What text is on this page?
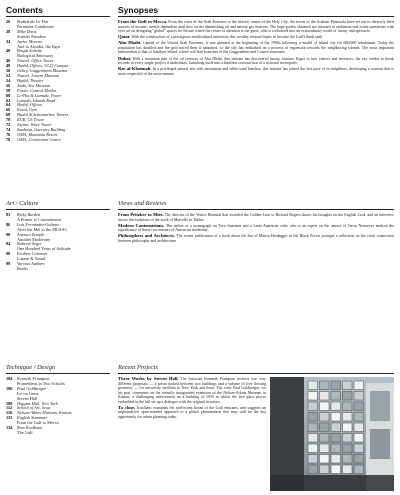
Contents	Synopses
26	Bodied da Lo-Hia
Perimeter Conditions
28	Mike Davis
Sinister Paradise
34	Javier Moreno
And in Arcadia, the Egos
40	Brigitt Schultz
Biological Sanctuary
46	Nouvel, Office Tower
48	Hadid, Offices, UCQ Campus
50	Gehry, Guggenheim Museum
52	Nouvel, Louvre Museum
54	Hadid, Theater
56	Ando, Sea Museum
58	Foster, Central Market
60	Lo-Hia & Lumsda, Tower
62	Lumsda, Islands Road
64	Hadid, Offices
66	Kesul, Gym
68	Hadid & Schumacher, Towers
70	RUR, Ch Tower
72	Asymn, Wave Tower
74	Snøhetta, Gateway Building
76	OMA, Mountain Resort
78	OMA, Convention Center
Art / Culture
83	Ricky Burdett
A Primer to Commitment
86	Luis Fernández-Galiano
After the Met to the MUSAC
90	Antonio Zemple
Another Modernity
94	Roberto Segre
One Hundred Years of Solitude
98	Feobert Cortman
Luzern & Vasud
99	Various Authors
Books
Technique / Design
104	Kenneth Frampton
Prometheus in Two Schools
106	Paul Goldberger
Ice on Grass
Steven Holl
108	Higgins Hall, New York
112	School of Art, Iowa
116	Nelson-Atkins Museum, Kansas
133	English Summary
From the Gulf to Mecca
134	Rem Koolhaas
The Gulf

From the Gulf to Mecca. From the coast of the Arab Emirates to the historic center of the Holy City, the towns of the Arabian Peninsula have set out to diversify their sources of income, mostly dependent until now on the diminishing oil and natural gas reserves. The huge profits obtained are invested in ambitious real estate operations with eyes set on designing "global" spaces for leisure where the center of attention is the guest, who is welcomed into an extraordinary world of luxury and spectacle.

Qatar. With the construction of a prestigious multicultural university this wealthy emirate hopes to become the Gulf's think tank.

Abu Dhabi. Capital of the United Arab Emirates, it was planned at the beginning of the 1990s following a model of island city for 600,000 inhabitants. Today the population has doubled and the grid traced then is saturated, so the city has embarked on a process of expansion towards the neighboring islands. The most important intervention is that of Saadiyat Island, which will host branches of the Guggenheim and Louvre museums.

Dubai. With a mountain part of the oil reserves of Abu Dhabi, this emirate has discovered luxury tourism. Eager to lure visitors and investors, the city strides to break records in every single project it undertakes, launching itself into a limitless construction of a fictional metropolis.

Ras al-Khaimah. In a privileged natural site with mountains and white-sand beaches, this emirate has joined the fast pace of its neighbors, developing a tourism that is more respectful of the environment.

Views and Reviews

From Pritzker to Mies. The director of the Venice Biennial that awarded the Golden Lion to Richard Rogers shares his thoughts on the English Lord, and an interview shows the evolution of the work of Marcello in Tables.

Modern Contemarians. The author of a monograph on Toro Suarinen and a Latin American critic who is an expert on the oeuvre of Oscar Niemeyer analyze the significance of these two masters of American modernity.

Philosophers and Architects. The recent publication of a book about the hut of Martin Heidegger in the Black Forest prompts a reflection on the close connection between philosophy and architecture.

Recent Projects

Three Works by Steven Holl. The historian Kenneth Frampton reviews two very different proposals — a prism tucked between two buildings and a volume of free flowing geometry — for university facilities in New York and Iowa. The critic Paul Goldberger, for his part, comments on the recently inaugurated extension of the Nelson-Atkins Museum in Kansas, a challenging intervention on a building of 1933 in which the five glass pieces embedded in the hill set up a dialogue with the original structure.

To close, Koolhaas examines the mid-ocean boom of the Gulf emirates, and suggests an unprejudiced, open-minded approach to a global phenomenon that may well be the last opportunity for urban planning today.
